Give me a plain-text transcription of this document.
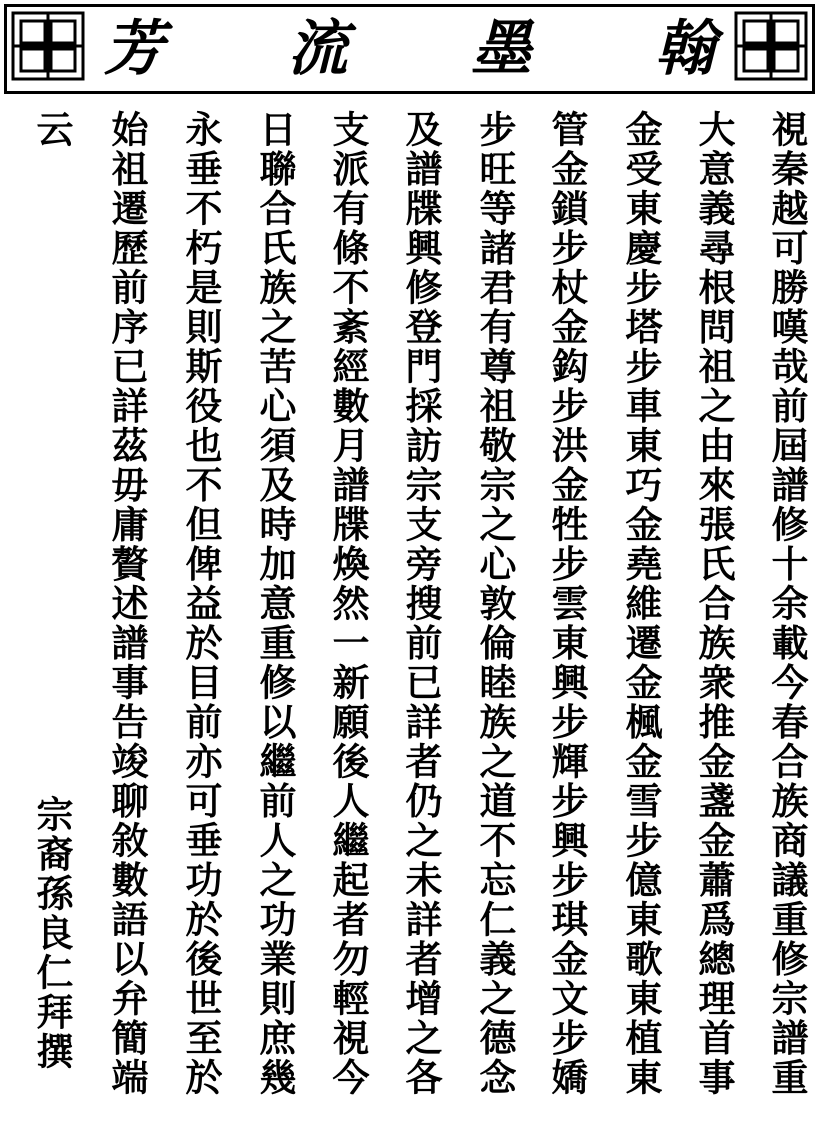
芳 流 墨 翰
視秦越可勝嘆哉前屆譜修十余載今春合族商議重修宗譜重
大意義尋根問祖之由來張氏合族衆推金盞金蕭爲總理首事
金受東慶步塔步車東巧金堯維遷金楓金雪步億東歌東植東
管金鎖步杖金鈎步洪金牲步雲東興步輝步興步琪金文步嬌
步旺等諸君有尊祖敬宗之心敦倫睦族之道不忘仁義之德念
及譜牒興修登門採訪宗支旁搜前已詳者仍之未詳者增之各
支派有條不紊經數月譜牒煥然一新願後人繼起者勿輕視今
日聯合氏族之苦心須及時加意重修以繼前人之功業則庶幾
永垂不朽是則斯役也不但俾益於目前亦可垂功於後世至於
始祖遷歷前序已詳茲毋庸贅述譜事告竣聊敘數語以弁簡端
云
宗裔孫良仁拜撰
